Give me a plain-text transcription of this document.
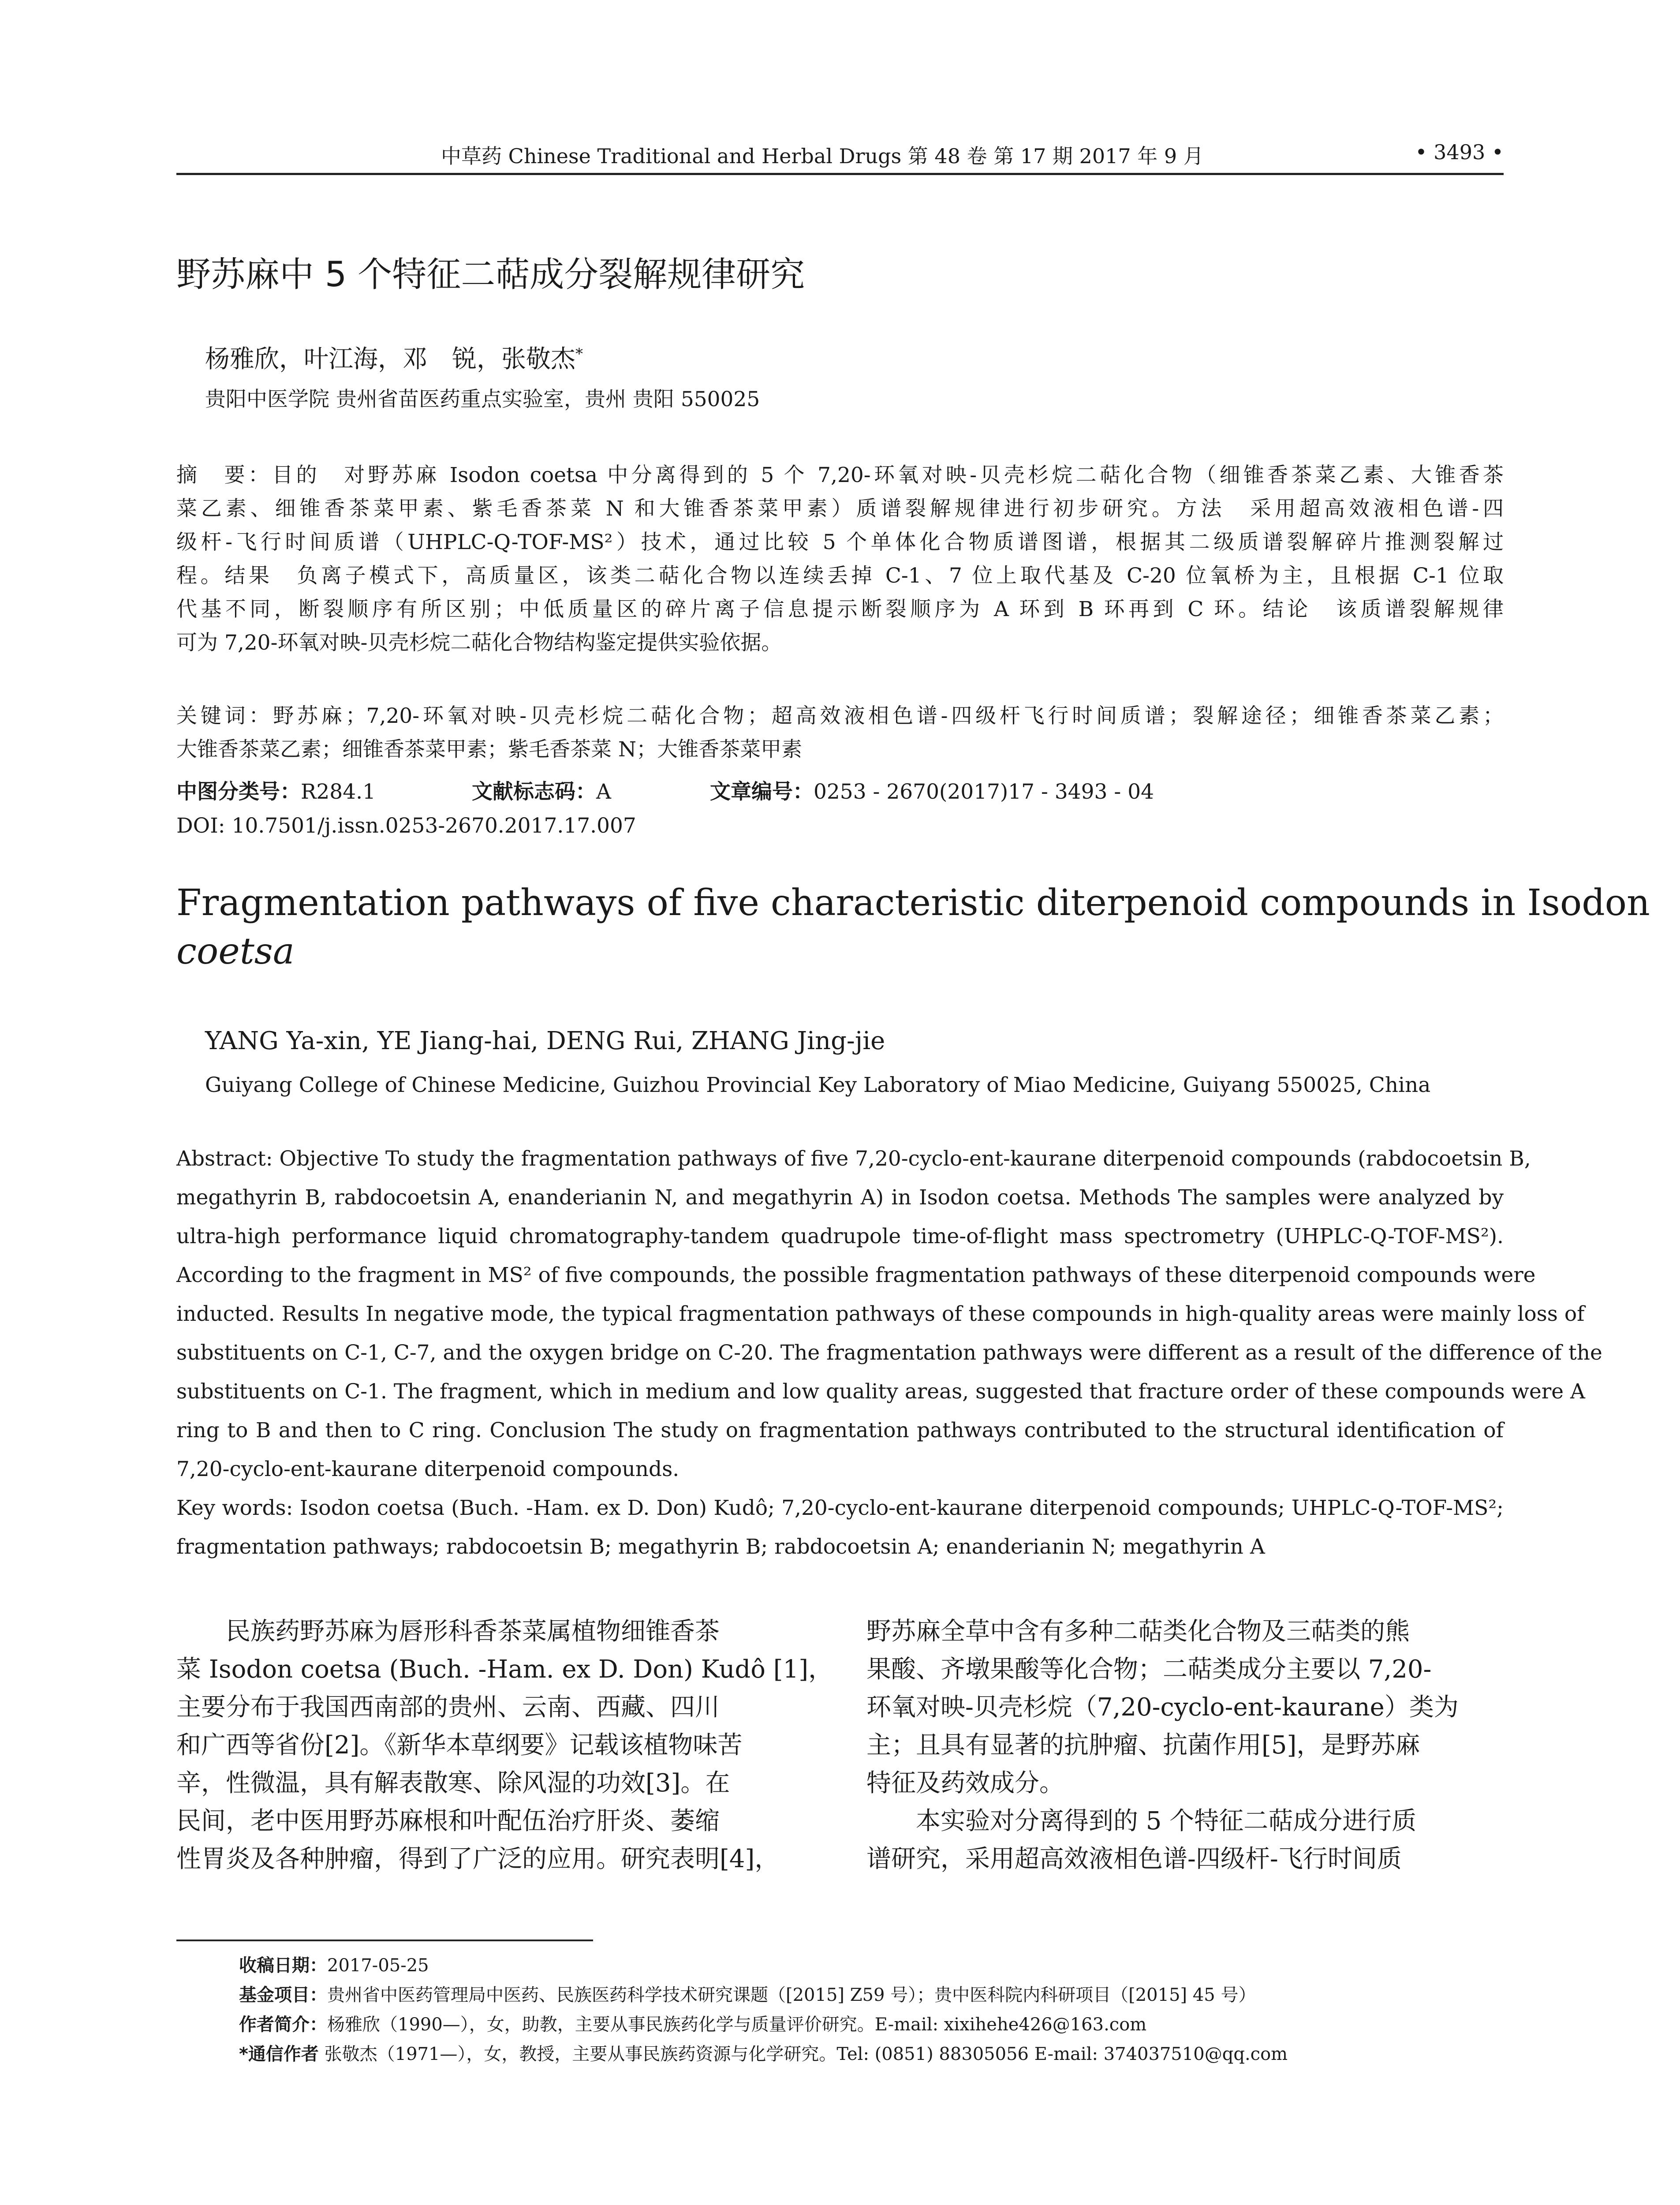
中草药 Chinese Traditional and Herbal Drugs 第 48 卷 第 17 期 2017 年 9 月	• 3493 •
野苏麻中 5 个特征二萜成分裂解规律研究
杨雅欣，叶江海，邓　锐，张敬杰*
贵阳中医学院 贵州省苗医药重点实验室，贵州 贵阳 550025
摘　要：目的　对野苏麻 Isodon coetsa 中分离得到的 5 个 7,20-环氧对映-贝壳杉烷二萜化合物（细锥香茶菜乙素、大锥香茶
菜乙素、细锥香茶菜甲素、紫毛香茶菜 N 和大锥香茶菜甲素）质谱裂解规律进行初步研究。方法　采用超高效液相色谱-四
级杆-飞行时间质谱（UHPLC-Q-TOF-MS²）技术，通过比较 5 个单体化合物质谱图谱，根据其二级质谱裂解碎片推测裂解过
程。结果　负离子模式下，高质量区，该类二萜化合物以连续丢掉 C-1、7 位上取代基及 C-20 位氧桥为主，且根据 C-1 位取
代基不同，断裂顺序有所区别；中低质量区的碎片离子信息提示断裂顺序为 A 环到 B 环再到 C 环。结论　该质谱裂解规律
可为 7,20-环氧对映-贝壳杉烷二萜化合物结构鉴定提供实验依据。
关键词：野苏麻；7,20-环氧对映-贝壳杉烷二萜化合物；超高效液相色谱-四级杆飞行时间质谱；裂解途径；细锥香茶菜乙素；
大锥香茶菜乙素；细锥香茶菜甲素；紫毛香茶菜 N；大锥香茶菜甲素
中图分类号：R284.1	文献标志码：A	文章编号：0253 - 2670(2017)17 - 3493 - 04
DOI: 10.7501/j.issn.0253-2670.2017.17.007
Fragmentation pathways of five characteristic diterpenoid compounds in Isodon
coetsa
YANG Ya-xin, YE Jiang-hai, DENG Rui, ZHANG Jing-jie
Guiyang College of Chinese Medicine, Guizhou Provincial Key Laboratory of Miao Medicine, Guiyang 550025, China
Abstract: Objective To study the fragmentation pathways of five 7,20-cyclo-ent-kaurane diterpenoid compounds (rabdocoetsin B,
megathyrin B, rabdocoetsin A, enanderianin N, and megathyrin A) in Isodon coetsa. Methods The samples were analyzed by
ultra-high performance liquid chromatography-tandem quadrupole time-of-flight mass spectrometry (UHPLC-Q-TOF-MS²).
According to the fragment in MS² of five compounds, the possible fragmentation pathways of these diterpenoid compounds were
inducted. Results In negative mode, the typical fragmentation pathways of these compounds in high-quality areas were mainly loss of
substituents on C-1, C-7, and the oxygen bridge on C-20. The fragmentation pathways were different as a result of the difference of the
substituents on C-1. The fragment, which in medium and low quality areas, suggested that fracture order of these compounds were A
ring to B and then to C ring. Conclusion The study on fragmentation pathways contributed to the structural identification of
7,20-cyclo-ent-kaurane diterpenoid compounds.
Key words: Isodon coetsa (Buch. -Ham. ex D. Don) Kudô; 7,20-cyclo-ent-kaurane diterpenoid compounds; UHPLC-Q-TOF-MS²;
fragmentation pathways; rabdocoetsin B; megathyrin B; rabdocoetsin A; enanderianin N; megathyrin A
　　民族药野苏麻为唇形科香茶菜属植物细锥香茶
菜 Isodon coetsa (Buch. -Ham. ex D. Don) Kudô [1]，
主要分布于我国西南部的贵州、云南、西藏、四川
和广西等省份[2]。《新华本草纲要》记载该植物味苦
辛，性微温，具有解表散寒、除风湿的功效[3]。在
民间，老中医用野苏麻根和叶配伍治疗肝炎、萎缩
性胃炎及各种肿瘤，得到了广泛的应用。研究表明[4]，
野苏麻全草中含有多种二萜类化合物及三萜类的熊
果酸、齐墩果酸等化合物；二萜类成分主要以 7,20-
环氧对映-贝壳杉烷（7,20-cyclo-ent-kaurane）类为
主；且具有显著的抗肿瘤、抗菌作用[5]，是野苏麻
特征及药效成分。
　　本实验对分离得到的 5 个特征二萜成分进行质
谱研究，采用超高效液相色谱-四级杆-飞行时间质
收稿日期：2017-05-25
基金项目：贵州省中医药管理局中医药、民族医药科学技术研究课题（[2015] Z59 号）；贵中医科院内科研项目（[2015] 45 号）
作者简介：杨雅欣（1990—），女，助教，主要从事民族药化学与质量评价研究。E-mail: xixihehe426@163.com
*通信作者 张敬杰（1971—），女，教授，主要从事民族药资源与化学研究。Tel: (0851) 88305056 E-mail: 374037510@qq.com
